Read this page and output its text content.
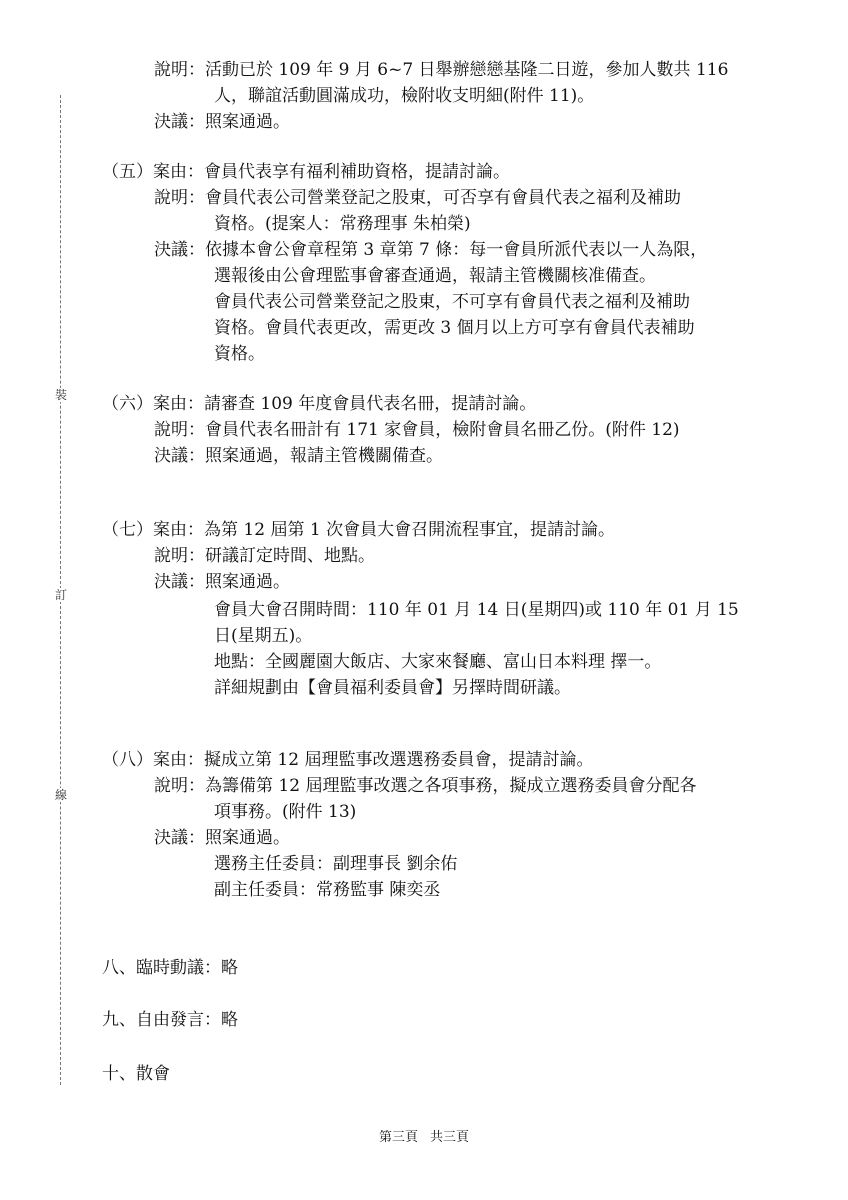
裝
訂
線
說明：活動已於 109 年 9 月 6~7 日舉辦戀戀基隆二日遊，參加人數共 116
人，聯誼活動圓滿成功，檢附收支明細(附件 11)。
決議：照案通過。
（五）案由：會員代表享有福利補助資格，提請討論。
說明：會員代表公司營業登記之股東，可否享有會員代表之福利及補助
資格。(提案人：常務理事 朱柏榮)
決議：依據本會公會章程第 3 章第 7 條：每一會員所派代表以一人為限，
選報後由公會理監事會審查通過，報請主管機關核准備查。
會員代表公司營業登記之股東，不可享有會員代表之福利及補助
資格。會員代表更改，需更改 3 個月以上方可享有會員代表補助
資格。
（六）案由：請審查 109 年度會員代表名冊，提請討論。
說明：會員代表名冊計有 171 家會員，檢附會員名冊乙份。(附件 12)
決議：照案通過，報請主管機關備查。
（七）案由：為第 12 屆第 1 次會員大會召開流程事宜，提請討論。
說明：研議訂定時間、地點。
決議：照案通過。
會員大會召開時間：110 年 01 月 14 日(星期四)或 110 年 01 月 15
日(星期五)。
地點：全國麗園大飯店、大家來餐廳、富山日本料理 擇一。
詳細規劃由【會員福利委員會】另擇時間研議。
（八）案由：擬成立第 12 屆理監事改選選務委員會，提請討論。
說明：為籌備第 12 屆理監事改選之各項事務，擬成立選務委員會分配各
項事務。(附件 13)
決議：照案通過。
選務主任委員：副理事長 劉余佑
副主任委員：常務監事 陳奕丞
八、臨時動議：略
九、自由發言：略
十、散會
第三頁 共三頁
